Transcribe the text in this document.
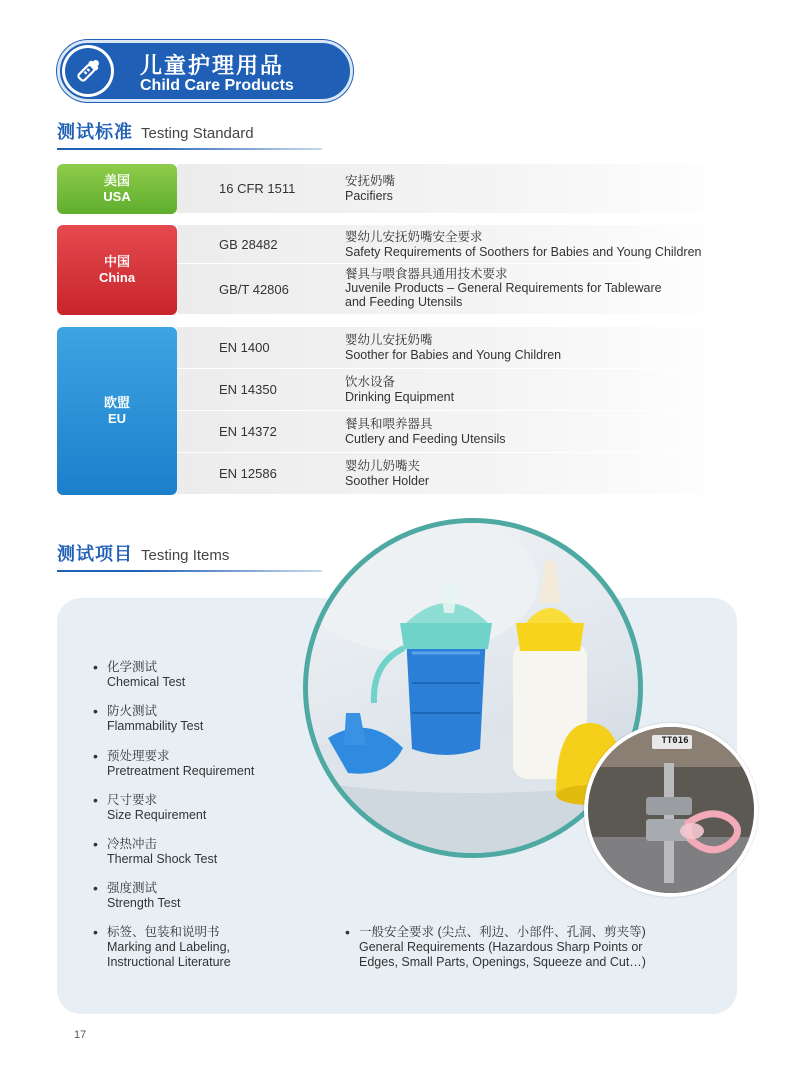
儿童护理用品
Child Care Products
测试标准 Testing Standard
美国
USA
16 CFR 1511	安抚奶嘴
Pacifiers
中国
China
GB 28482	婴幼儿安抚奶嘴安全要求
Safety Requirements of Soothers for Babies and Young Children
GB/T 42806
餐具与喂食器具通用技术要求
Juvenile Products – General Requirements for Tableware
and Feeding Utensils
欧盟
EU
EN 1400	婴幼儿安抚奶嘴
Soother for Babies and Young Children
EN 14350	饮水设备
Drinking Equipment
EN 14372	餐具和喂养器具
Cutlery and Feeding Utensils
EN 12586	婴幼儿奶嘴夹
Soother Holder
测试项目 Testing Items
• 化学测试
Chemical Test
• 防火测试
Flammability Test
• 预处理要求
Pretreatment Requirement
• 尺寸要求
Size Requirement
• 冷热冲击
Thermal Shock Test
• 强度测试
Strength Test
• 标签、包装和说明书
Marking and Labeling,
Instructional Literature
• 一般安全要求 (尖点、利边、小部件、孔洞、剪夹等)
General Requirements (Hazardous Sharp Points or
Edges, Small Parts, Openings, Squeeze and Cut…)
TT016
17
